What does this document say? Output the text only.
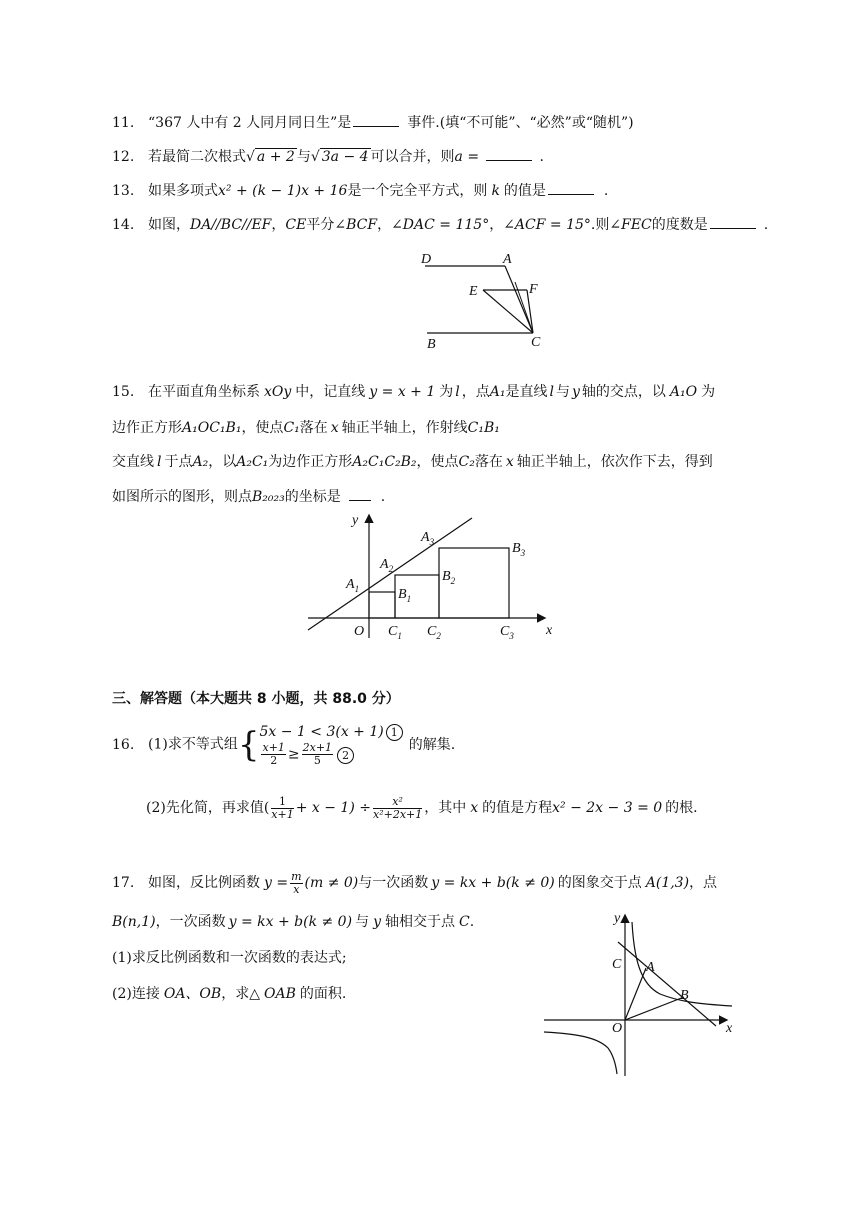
11. “367 人中有 2 人同月同日生”是	事件.(填“不可能”、“必然”或“随机”)
12. 若最简二次根式√ a + 2 与√ 3a − 4 可以合并，则a =	.
13. 如果多项式x² + (k − 1)x + 16是一个完全平方式，则 k 的值是	.
14. 如图，DA//BC//EF，CE平分∠BCF，∠DAC = 115°，∠ACF = 15°.则∠FEC的度数是	.
D	A
E	F
B	C
15. 在平面直角坐标系 xOy 中，记直线 y = x + 1 为 l ，点A₁是直线 l 与 y 轴的交点，以 A₁O 为
边作正方形A₁OC₁B₁，使点C₁落在 x 轴正半轴上，作射线C₁B₁
交直线 l 于点A₂，以A₂C₁为边作正方形A₂C₁C₂B₂，使点C₂落在 x 轴正半轴上，依次作下去，得到
如图所示的图形，则点B₂₀₂₃的坐标是	.
y
x
O
$A_1$
$A_2$
$A_3$
$B_1$
$B_2$
$B_3$
$C_1$ $C_2$	$C_3$
三、解答题（本大题共 8 小题，共 88.0 分）
16. (1)求不等式组{ 5x − 1 < 3(x + 1) 1
$\frac{x+1}{2} \ge \frac{2x+1}{5} 2$
的解集.
(2)先化简，再求值( $\frac{1}{x+1} + x - 1) \div \frac{\text{x²}}{\text{x²+2x+1}}$ ，其中 x 的值是方程x² − 2x − 3 = 0 的根.
17. 如图，反比例函数 $y = \frac{m}{x} (m \ne 0)$与一次函数 y = kx + b(k ≠ 0) 的图象交于点 A(1,3)，点
B(n,1)，一次函数 y = kx + b(k ≠ 0) 与 y 轴相交于点 C.
(1)求反比例函数和一次函数的表达式;
(2)连接 OA、OB，求△ OAB 的面积.
y
x
O
A
B
C
